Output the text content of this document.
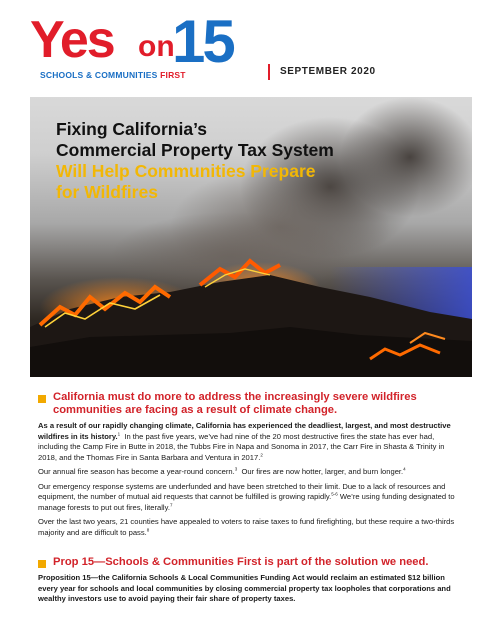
Yes on
15
SCHOOLS & COMMUNITIES FIRST	SEPTEMBER 2020
Fixing California’s
Commercial Property Tax System
Will Help Communities Prepare
for Wildfires
California must do more to address the increasingly severe wildfires communities are facing as a result of climate change.

As a result of our rapidly changing climate, California has experienced the deadliest, largest, and most destructive wildfires in its history.$^1$ In the past five years, we’ve had nine of the 20 most destructive fires the state has ever had, including the Camp Fire in Butte in 2018, the Tubbs Fire in Napa and Sonoma in 2017, the Carr Fire in Shasta & Trinity in 2018, and the Thomas Fire in Santa Barbara and Ventura in 2017.$^2$

Our annual fire season has become a year-round concern.$^3$ Our fires are now hotter, larger, and burn longer.$^4$

Our emergency response systems are underfunded and have been stretched to their limit. Due to a lack of resources and equipment, the number of mutual aid requests that cannot be fulfilled is growing rapidly.$^{5-6}$ We’re using funding designated to manage forests to put out fires, literally.$^7$

Over the last two years, 21 counties have appealed to voters to raise taxes to fund firefighting, but these require a two-thirds majority and are difficult to pass.$^8$

Prop 15—Schools & Communities First is part of the solution we need.

Proposition 15—the California Schools & Local Communities Funding Act would reclaim an estimated $12 billion every year for schools and local communities by closing commercial property tax loopholes that corporations and wealthy investors use to avoid paying their fair share of property taxes.
